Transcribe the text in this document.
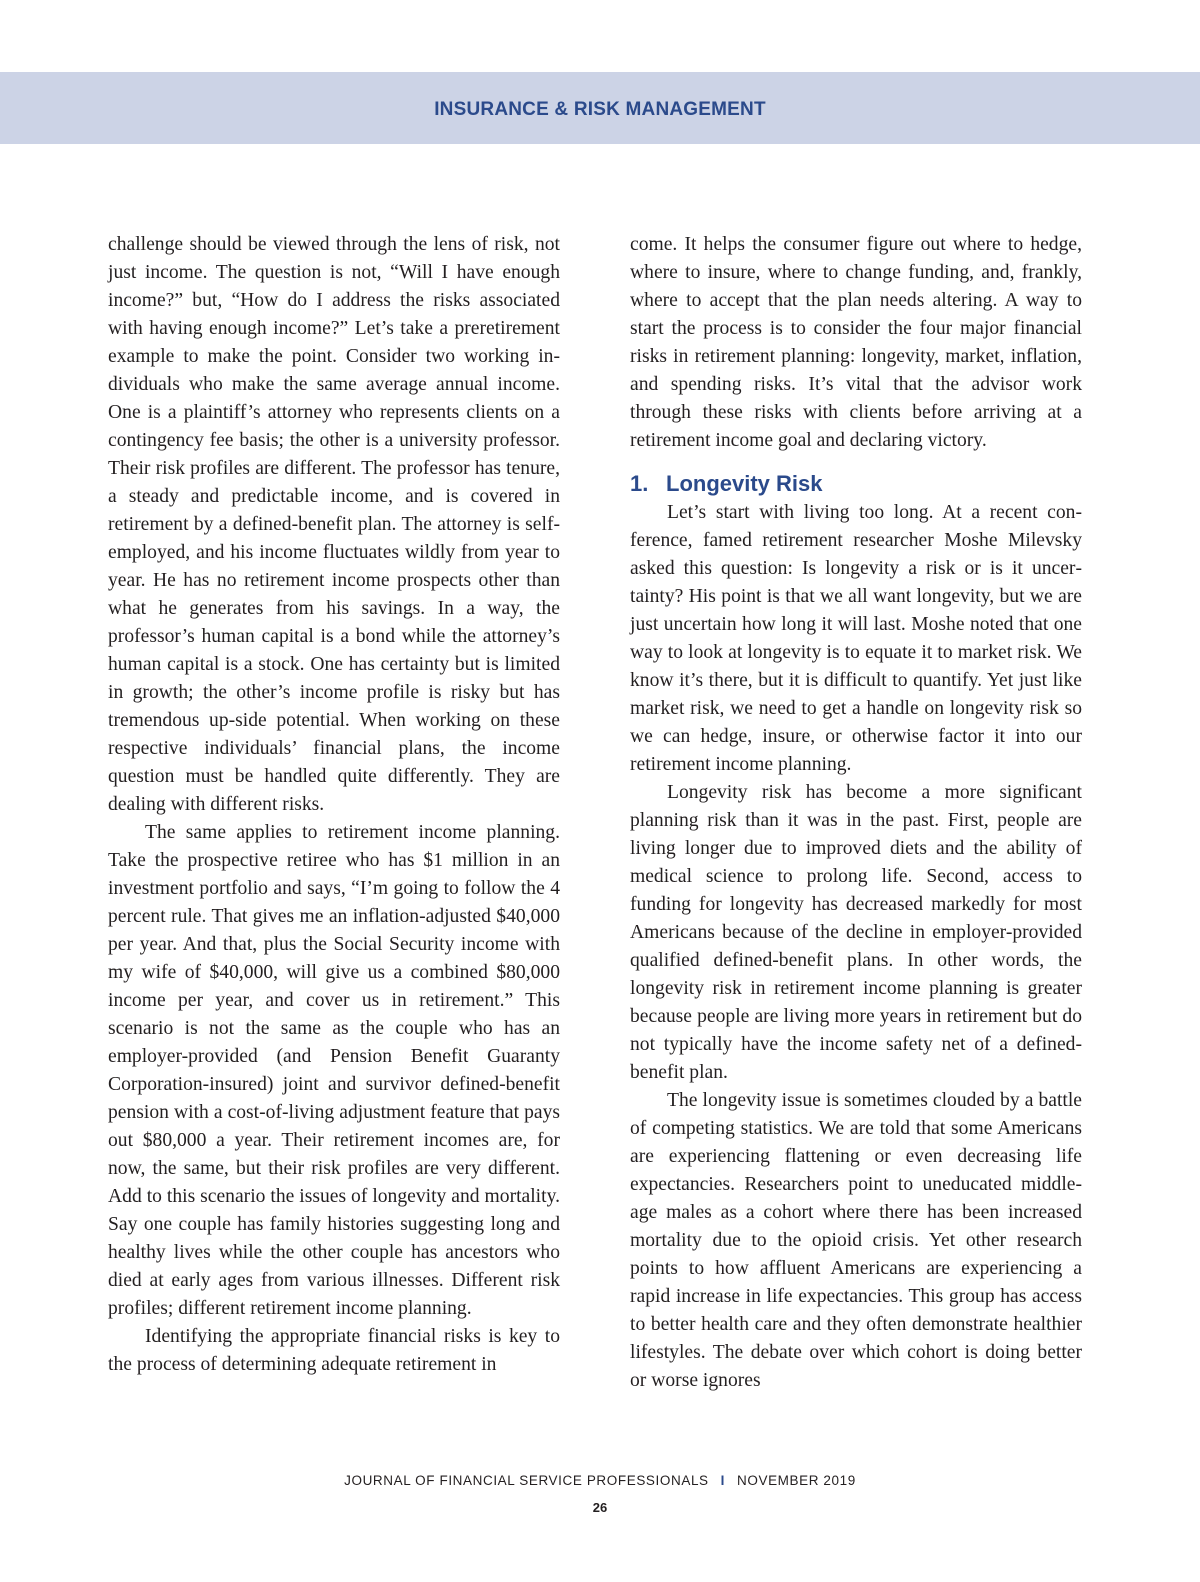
INSURANCE & RISK MANAGEMENT

challenge should be viewed through the lens of risk, not just income. The question is not, “Will I have enough income?” but, “How do I address the risks associated with having enough income?” Let’s take a preretirement example to make the point. Consider two working individuals who make the same average annual income. One is a plaintiff’s attorney who represents clients on a contingency fee basis; the other is a university professor. Their risk profiles are different. The professor has tenure, a steady and predictable income, and is covered in retirement by a defined-benefit plan. The attorney is self-employed, and his income fluctuates wildly from year to year. He has no retirement income prospects other than what he generates from his savings. In a way, the professor’s human capital is a bond while the attorney’s human capital is a stock. One has certainty but is limited in growth; the other’s income profile is risky but has tremendous up-side potential. When working on these respective individuals’ financial plans, the income question must be handled quite differently. They are dealing with different risks.

The same applies to retirement income planning. Take the prospective retiree who has $1 million in an investment portfolio and says, “I’m going to follow the 4 percent rule. That gives me an inflation-adjusted $40,000 per year. And that, plus the Social Security income with my wife of $40,000, will give us a combined $80,000 income per year, and cover us in retirement.” This scenario is not the same as the couple who has an employer-provided (and Pension Benefit Guaranty Corporation-insured) joint and survivor defined-benefit pension with a cost-of-living adjustment feature that pays out $80,000 a year. Their retirement incomes are, for now, the same, but their risk profiles are very different. Add to this scenario the issues of longevity and mortality. Say one couple has family histories suggesting long and healthy lives while the other couple has ancestors who died at early ages from various illnesses. Different risk profiles; different retirement income planning.

Identifying the appropriate financial risks is key to the process of determining adequate retirement in

come. It helps the consumer figure out where to hedge, where to insure, where to change funding, and, frankly, where to accept that the plan needs altering. A way to start the process is to consider the four major financial risks in retirement planning: longevity, market, inflation, and spending risks. It’s vital that the advisor work through these risks with clients before arriving at a retirement income goal and declaring victory.

1. Longevity Risk

Let’s start with living too long. At a recent conference, famed retirement researcher Moshe Milevsky asked this question: Is longevity a risk or is it uncertainty? His point is that we all want longevity, but we are just uncertain how long it will last. Moshe noted that one way to look at longevity is to equate it to market risk. We know it’s there, but it is difficult to quantify. Yet just like market risk, we need to get a handle on longevity risk so we can hedge, insure, or otherwise factor it into our retirement income planning.

Longevity risk has become a more significant planning risk than it was in the past. First, people are living longer due to improved diets and the ability of medical science to prolong life. Second, access to funding for longevity has decreased markedly for most Americans because of the decline in employer-provided qualified defined-benefit plans. In other words, the longevity risk in retirement income planning is greater because people are living more years in retirement but do not typically have the income safety net of a defined-benefit plan.

The longevity issue is sometimes clouded by a battle of competing statistics. We are told that some Americans are experiencing flattening or even decreasing life expectancies. Researchers point to uneducated middle-age males as a cohort where there has been increased mortality due to the opioid crisis. Yet other research points to how affluent Americans are experiencing a rapid increase in life expectancies. This group has access to better health care and they often demonstrate healthier lifestyles. The debate over which cohort is doing better or worse ignores

JOURNAL OF FINANCIAL SERVICE PROFESSIONALS I NOVEMBER 2019
26
